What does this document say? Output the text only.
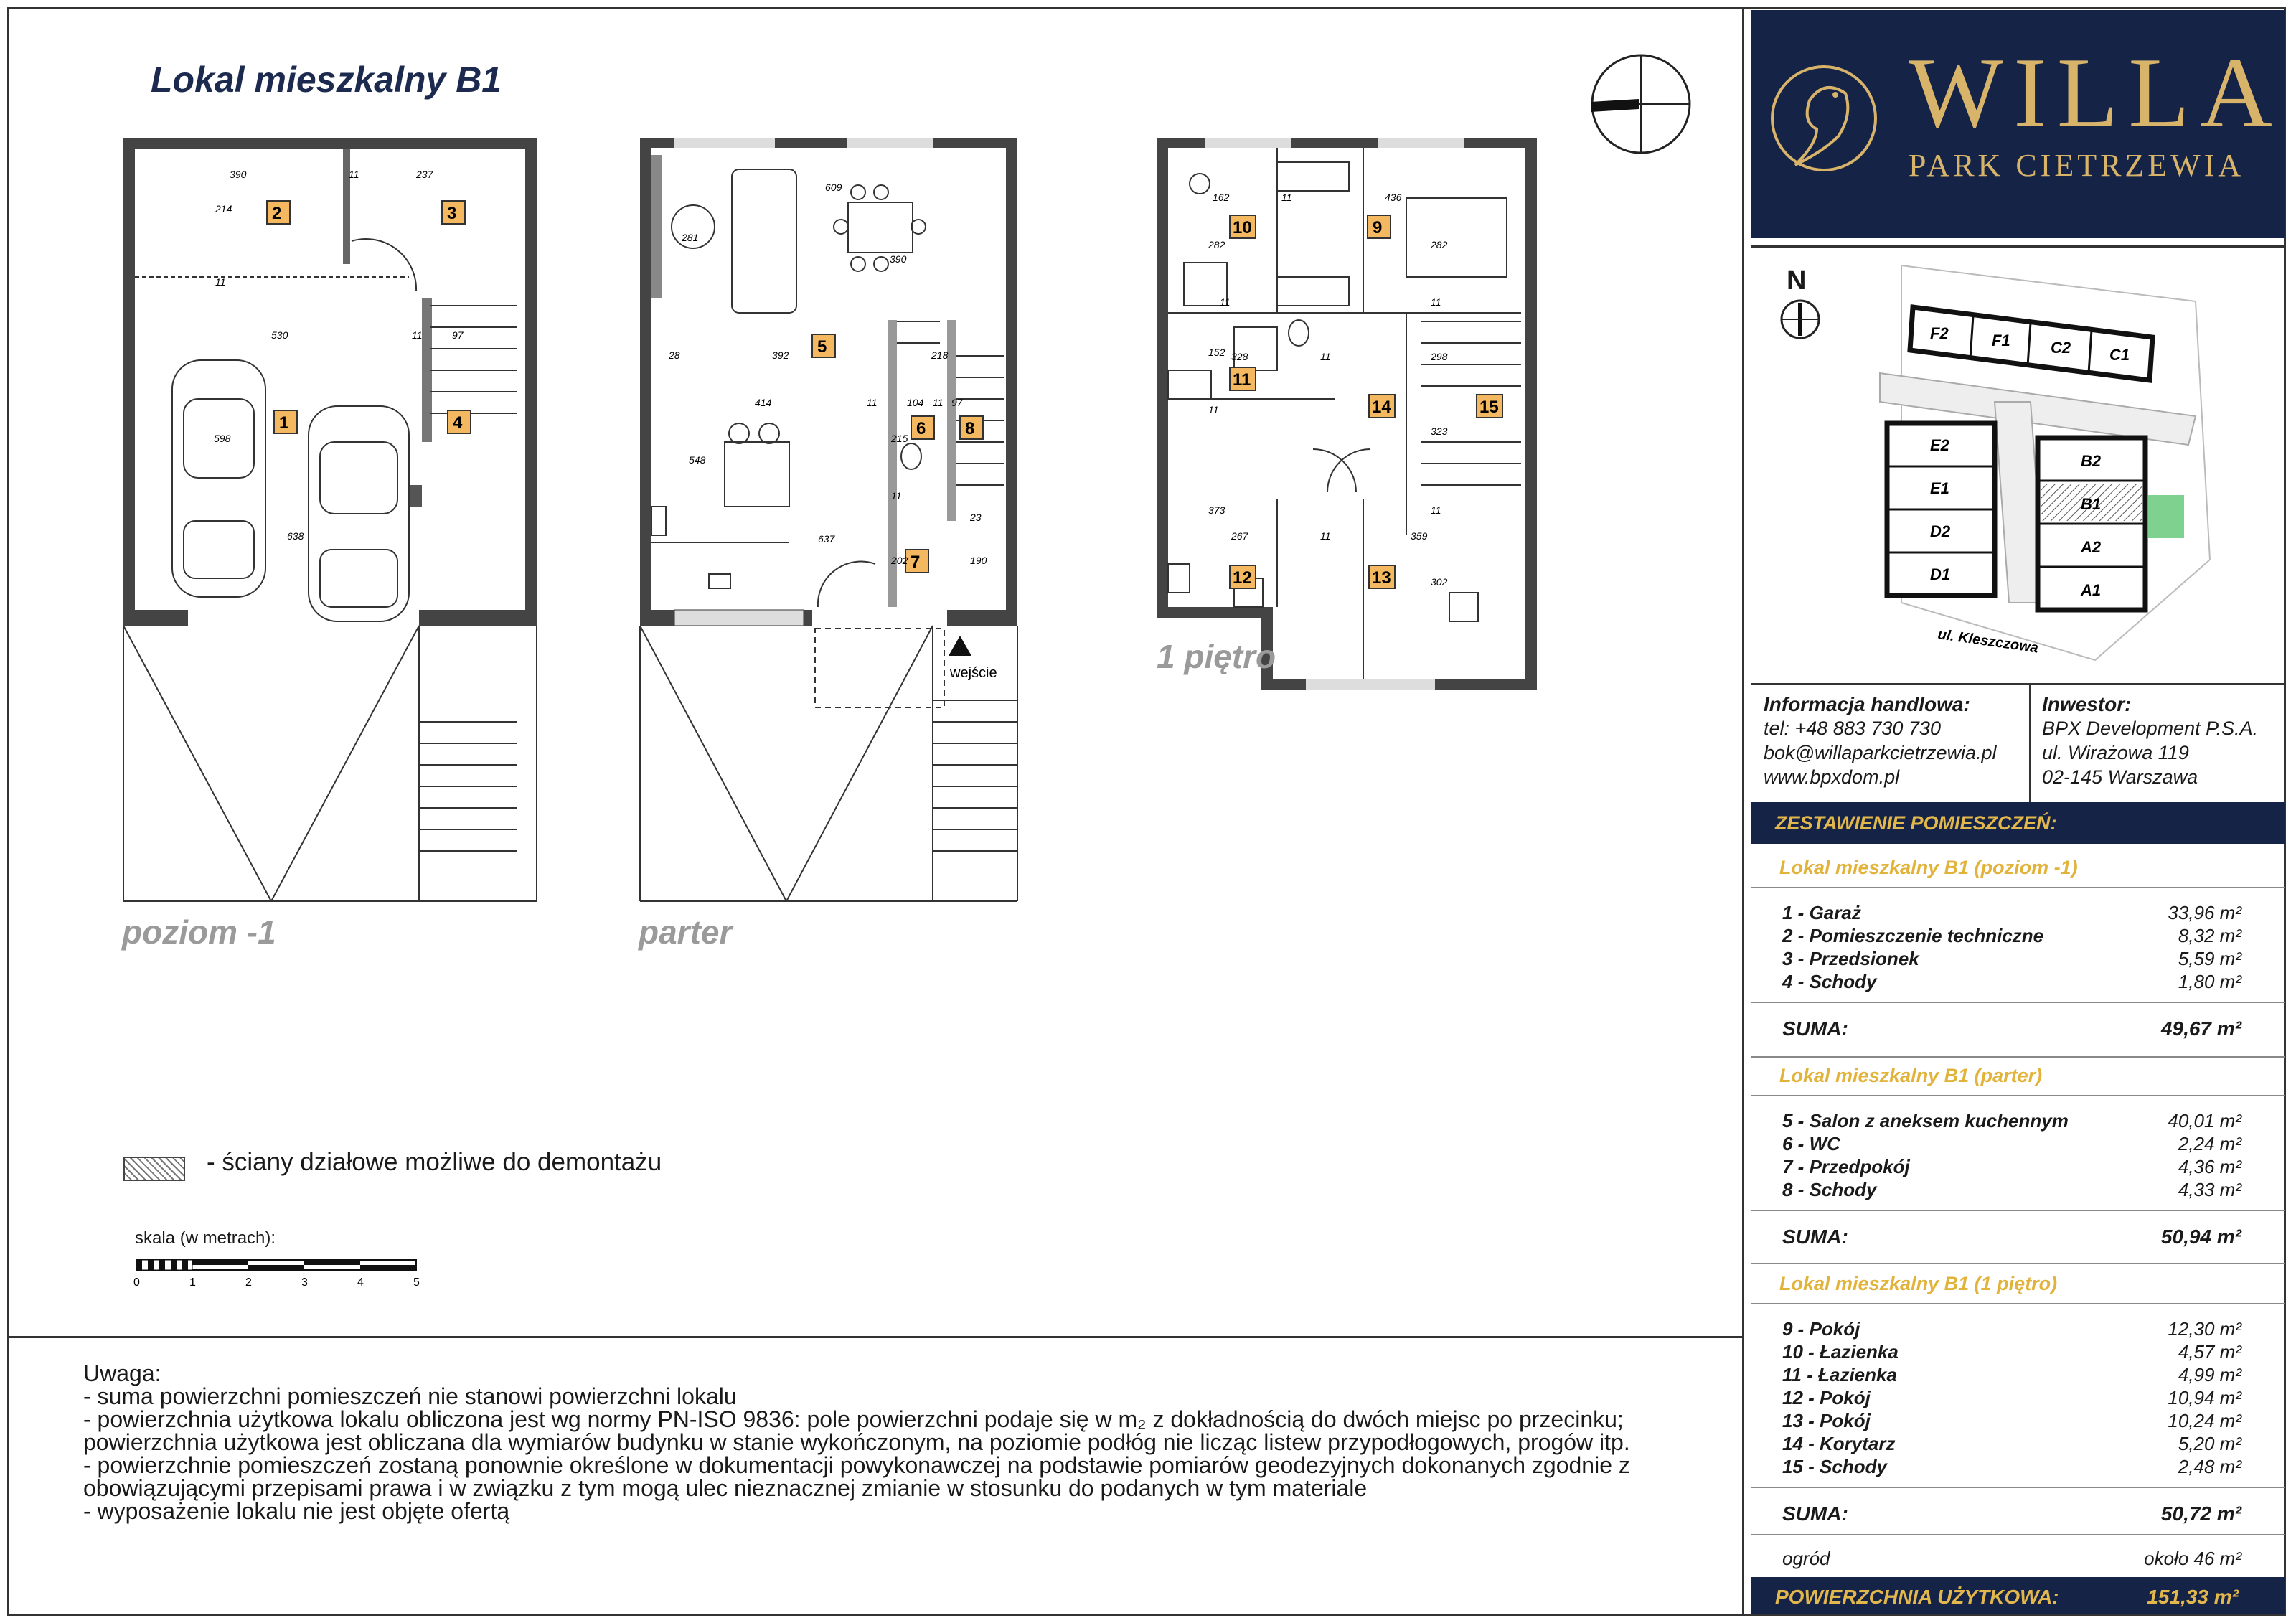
Lokal mieszkalny B1
2	3
1	4
390	11	237
214
11
530	11	97
598
638
wejście
5
6 8
7
609
281
390
28	392	218
414	11	104 11 97
215
548
637
11
202
23
190
10	9
11
14	15
12	13
162	11	436
282	282
11	11
152 328	11	298
11
323
11
373
267	11	359
302
poziom -1	parter
1 piętro
- ściany działowe możliwe do demontażu
skala (w metrach):
0	1	2	3	4	5
Uwaga:
- suma powierzchni pomieszczeń nie stanowi powierzchni lokalu
- powierzchnia użytkowa lokalu obliczona jest wg normy PN-ISO 9836: pole powierzchni podaje się w m₂ z dokładnością do dwóch miejsc po przecinku; powierzchnia użytkowa jest obliczana dla wymiarów budynku w stanie wykończonym, na poziomie podłóg nie licząc listew przypodłogowych, progów itp.
- powierzchnie pomieszczeń zostaną ponownie określone w dokumentacji powykonawczej na podstawie pomiarów geodezyjnych dokonanych zgodnie z obowiązującymi przepisami prawa i w związku z tym mogą ulec nieznacznej zmianie w stosunku do podanych w tym materiale
- wyposażenie lokalu nie jest objęte ofertą
WILLA
PARK CIETRZEWIA
N
F2	F1	C2 C1
E2
E1
D2
D1
B2
B1
A2
A1
ul. Kleszczowa
Informacja handlowa:
tel: +48 883 730 730
bok@willaparkcietrzewia.pl
www.bpxdom.pl
Inwestor:
BPX Development P.S.A.
ul. Wirażowa 119
02-145 Warszawa
ZESTAWIENIE POMIESZCZEŃ:
Lokal mieszkalny B1 (poziom -1)
1 - Garaż	33,96 m²
2 - Pomieszczenie techniczne	8,32 m²
3 - Przedsionek	5,59 m²
4 - Schody	1,80 m²
SUMA:	49,67 m²
Lokal mieszkalny B1 (parter)
5 - Salon z aneksem kuchennym	40,01 m²
6 - WC	2,24 m²
7 - Przedpokój	4,36 m²
8 - Schody	4,33 m²
SUMA:	50,94 m²
Lokal mieszkalny B1 (1 piętro)
9 - Pokój	12,30 m²
10 - Łazienka	4,57 m²
11 - Łazienka	4,99 m²
12 - Pokój	10,94 m²
13 - Pokój	10,24 m²
14 - Korytarz	5,20 m²
15 - Schody	2,48 m²
SUMA:	50,72 m²
ogród	około 46 m²
POWIERZCHNIA UŻYTKOWA:	151,33 m²
